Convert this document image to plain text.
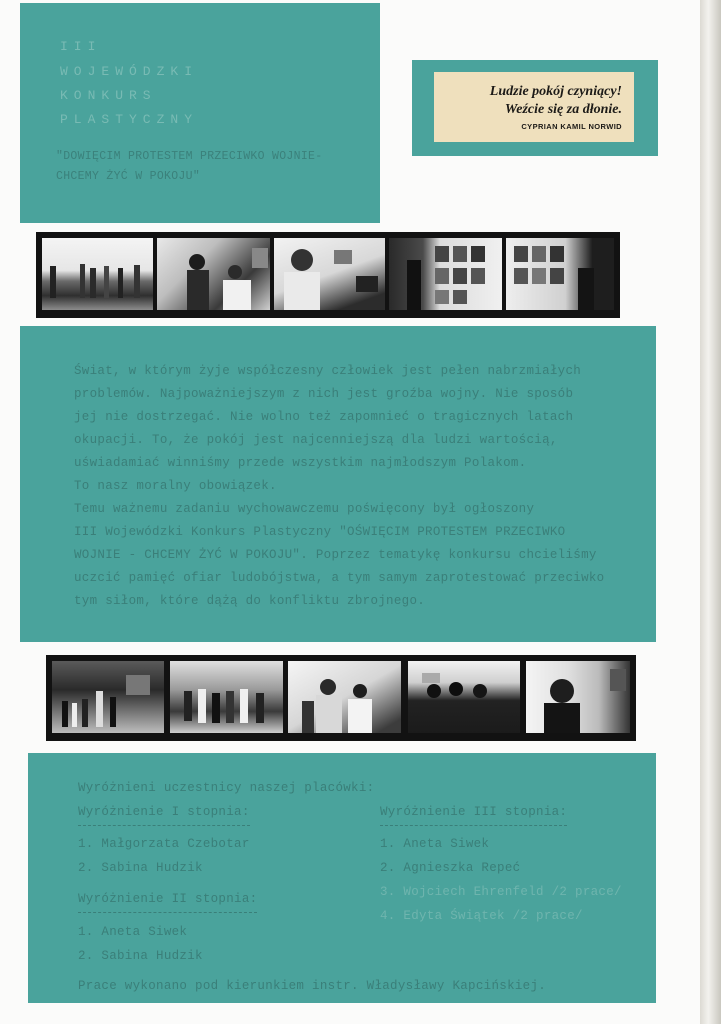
III
WOJEWÓDZKI
KONKURS
PLASTYCZNY
"DOWIĘCIM PROTESTEM PRZECIWKO WOJNIE-
CHCEMY ŻYĆ W POKOJU"
Ludzie pokój czyniący!
Weźcie się za dłonie.
CYPRIAN KAMIL NORWID
Świat, w którym żyje współczesny człowiek jest pełen nabrzmiałych
problemów. Najpoważniejszym z nich jest groźba wojny. Nie sposób
jej nie dostrzegać. Nie wolno też zapomnieć o tragicznych latach
okupacji. To, że pokój jest najcenniejszą dla ludzi wartością,
uświadamiać winniśmy przede wszystkim najmłodszym Polakom.
To nasz moralny obowiązek.
Temu ważnemu zadaniu wychowawczemu poświęcony był ogłoszony
III Wojewódzki Konkurs Plastyczny "OŚWIĘCIM PROTESTEM PRZECIWKO
WOJNIE - CHCEMY ŻYĆ W POKOJU". Poprzez tematykę konkursu chcieliśmy
uczcić pamięć ofiar ludobójstwa, a tym samym zaprotestować przeciwko
tym siłom, które dążą do konfliktu zbrojnego.
Wyróżnieni uczestnicy naszej placówki:
Wyróżnienie I stopnia:
1. Małgorzata Czebotar
2. Sabina Hudzik
Wyróżnienie II stopnia:
1. Aneta Siwek
2. Sabina Hudzik
Wyróżnienie III stopnia:
1. Aneta Siwek
2. Agnieszka Repeć
3. Wojciech Ehrenfeld /2 prace/
4. Edyta Świątek /2 prace/
Prace wykonano pod kierunkiem instr. Władysławy Kapcińskiej.
